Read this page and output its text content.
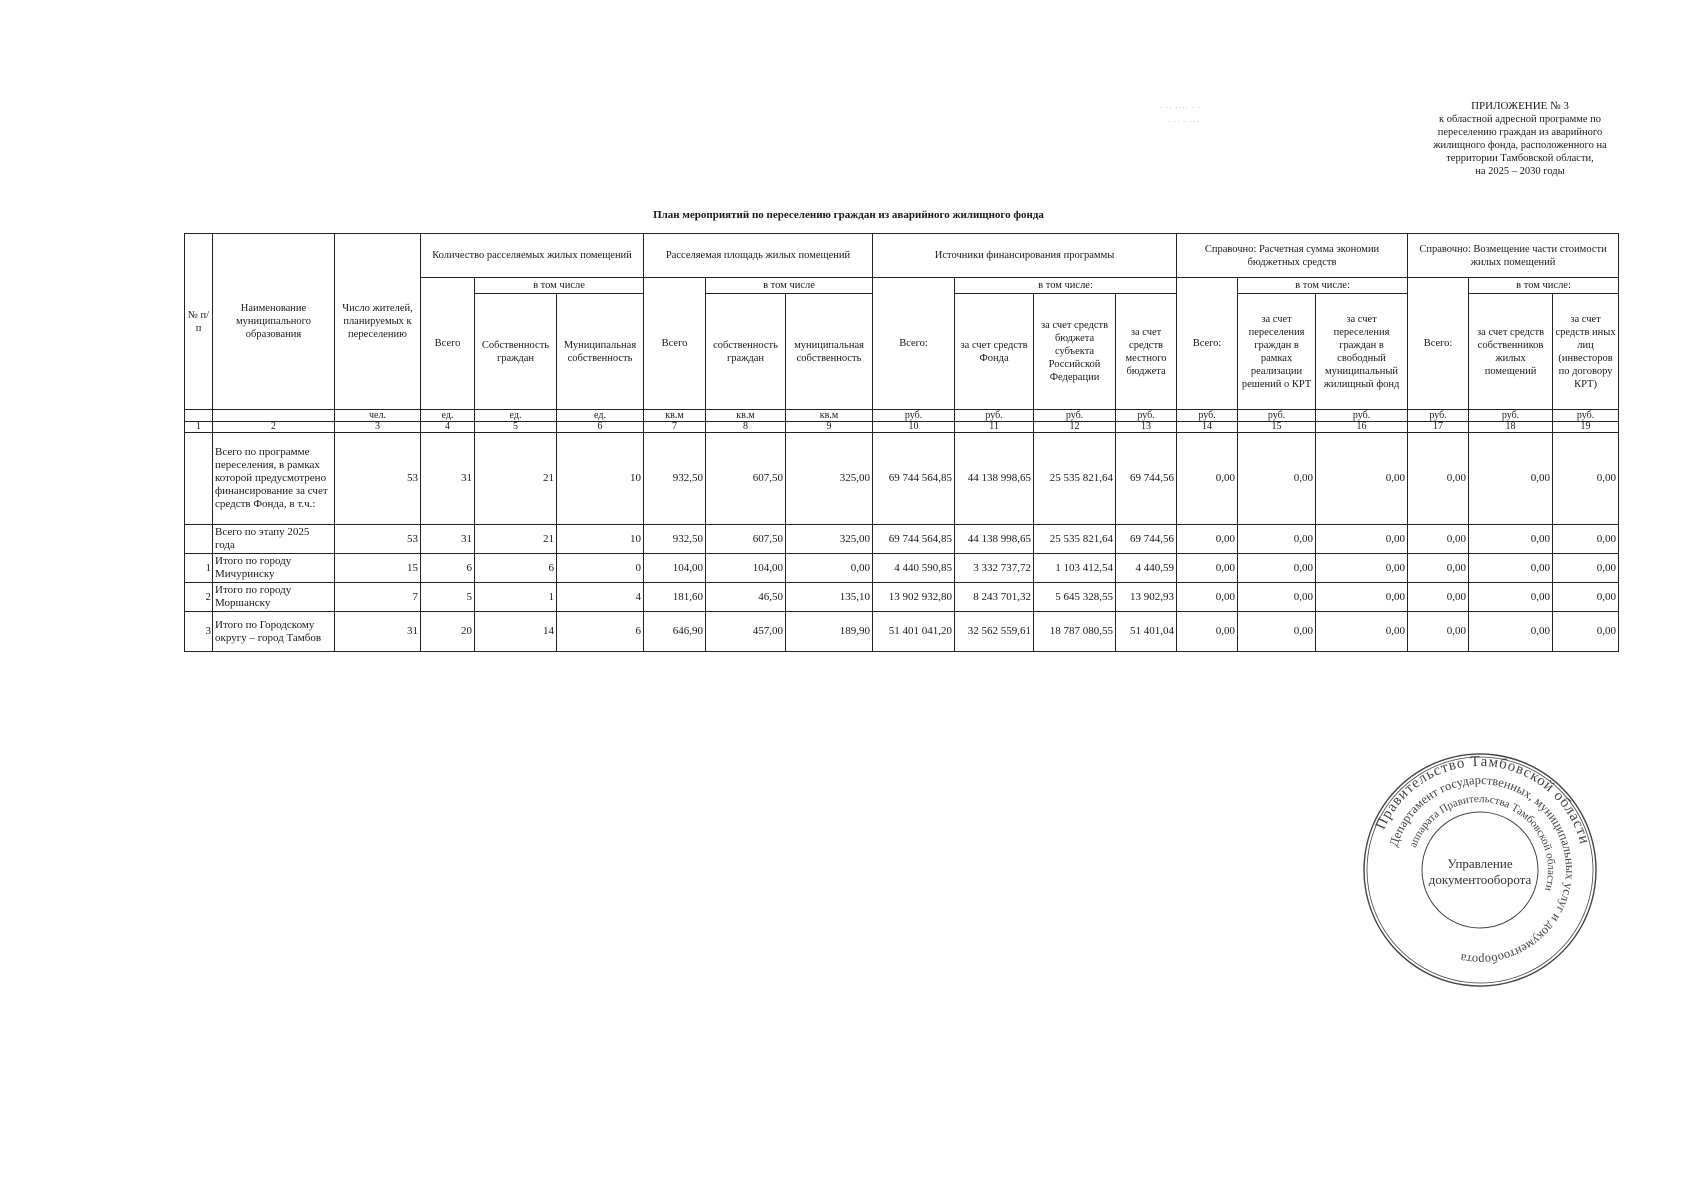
· ·· ···· · ·
· ·· · ···
ПРИЛОЖЕНИЕ № 3
к областной адресной программе по
переселению граждан из аварийного
жилищного фонда, расположенного на
территории Тамбовской области,
на 2025 – 2030 годы
План мероприятий по переселению граждан из аварийного жилищного фонда
№ п/п	Наименование муниципального образования	Число жителей, планируемых к переселению	Количество расселяемых жилых помещений			Расселяемая площадь жилых помещений			Источники финансирования программы				Справочно: Расчетная сумма экономии бюджетных средств			Справочно: Возмещение части стоимости жилых помещений		
			Всего	в том числе		Всего	в том числе		Всего:	в том числе:			Всего:	в том числе:		Всего:	в том числе:	
				Собственность граждан	Муниципальная собственность		собственность граждан	муниципальная собственность		за счет средств Фонда	за счет средств бюджета субъекта Российской Федерации	за счет средств местного бюджета		за счет переселения граждан в рамках реализации решений о КРТ	за счет переселения граждан в свободный муниципальный жилищный фонд		за счет средств собственников жилых помещений	за счет средств иных лиц (инвесторов по договору КРТ)
		чел.	ед.	ед.	ед.	кв.м	кв.м	кв.м	руб.	руб.	руб.	руб.	руб.	руб.	руб.	руб.	руб.	руб.
1	2	3	4	5	6	7	8	9	10	11	12	13	14	15	16	17	18	19
	Всего по программе переселения, в рамках которой предусмотрено финансирование за счет средств Фонда, в т.ч.:	53	31	21	10	932,50	607,50	325,00	69 744 564,85	44 138 998,65	25 535 821,64	69 744,56	0,00	0,00	0,00	0,00	0,00	0,00
	Всего по этапу 2025 года	53	31	21	10	932,50	607,50	325,00	69 744 564,85	44 138 998,65	25 535 821,64	69 744,56	0,00	0,00	0,00	0,00	0,00	0,00
1	Итого по городу Мичуринску	15	6	6	0	104,00	104,00	0,00	4 440 590,85	3 332 737,72	1 103 412,54	4 440,59	0,00	0,00	0,00	0,00	0,00	0,00
2	Итого по городу Моршанску	7	5	1	4	181,60	46,50	135,10	13 902 932,80	8 243 701,32	5 645 328,55	13 902,93	0,00	0,00	0,00	0,00	0,00	0,00
3	Итого по Городскому округу – город Тамбов	31	20	14	6	646,90	457,00	189,90	51 401 041,20	32 562 559,61	18 787 080,55	51 401,04	0,00	0,00	0,00	0,00	0,00	0,00
Правительство Тамбовской области
Департамент государственных, муниципальных услуг и документооборота
аппарата Правительства Тамбовской области
Управление
документооборота
